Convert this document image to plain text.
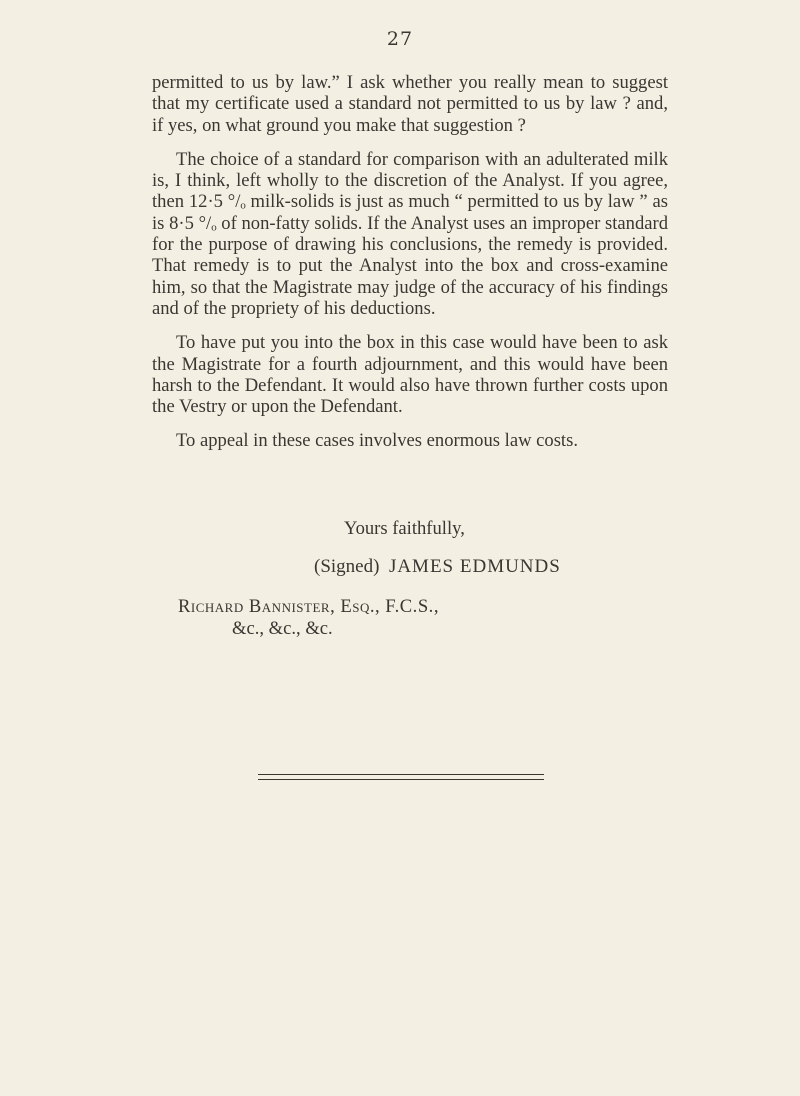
27

permitted to us by law.” I ask whether you really mean to suggest that my certificate used a standard not permitted to us by law ? and, if yes, on what ground you make that suggestion ?

The choice of a standard for comparison with an adulterated milk is, I think, left wholly to the discretion of the Analyst. If you agree, then 12·5 °/ₒ milk-solids is just as much “ permitted to us by law ” as is 8·5 °/ₒ of non-fatty solids. If the Analyst uses an improper standard for the purpose of drawing his conclusions, the remedy is provided. That remedy is to put the Analyst into the box and cross-examine him, so that the Magistrate may judge of the accuracy of his findings and of the propriety of his deductions.

To have put you into the box in this case would have been to ask the Magistrate for a fourth adjournment, and this would have been harsh to the Defendant. It would also have thrown further costs upon the Vestry or upon the Defendant.

To appeal in these cases involves enormous law costs.

Yours faithfully,
(Signed) JAMES EDMUNDS
Richard Bannister, Esq., F.C.S.,
&c., &c., &c.
